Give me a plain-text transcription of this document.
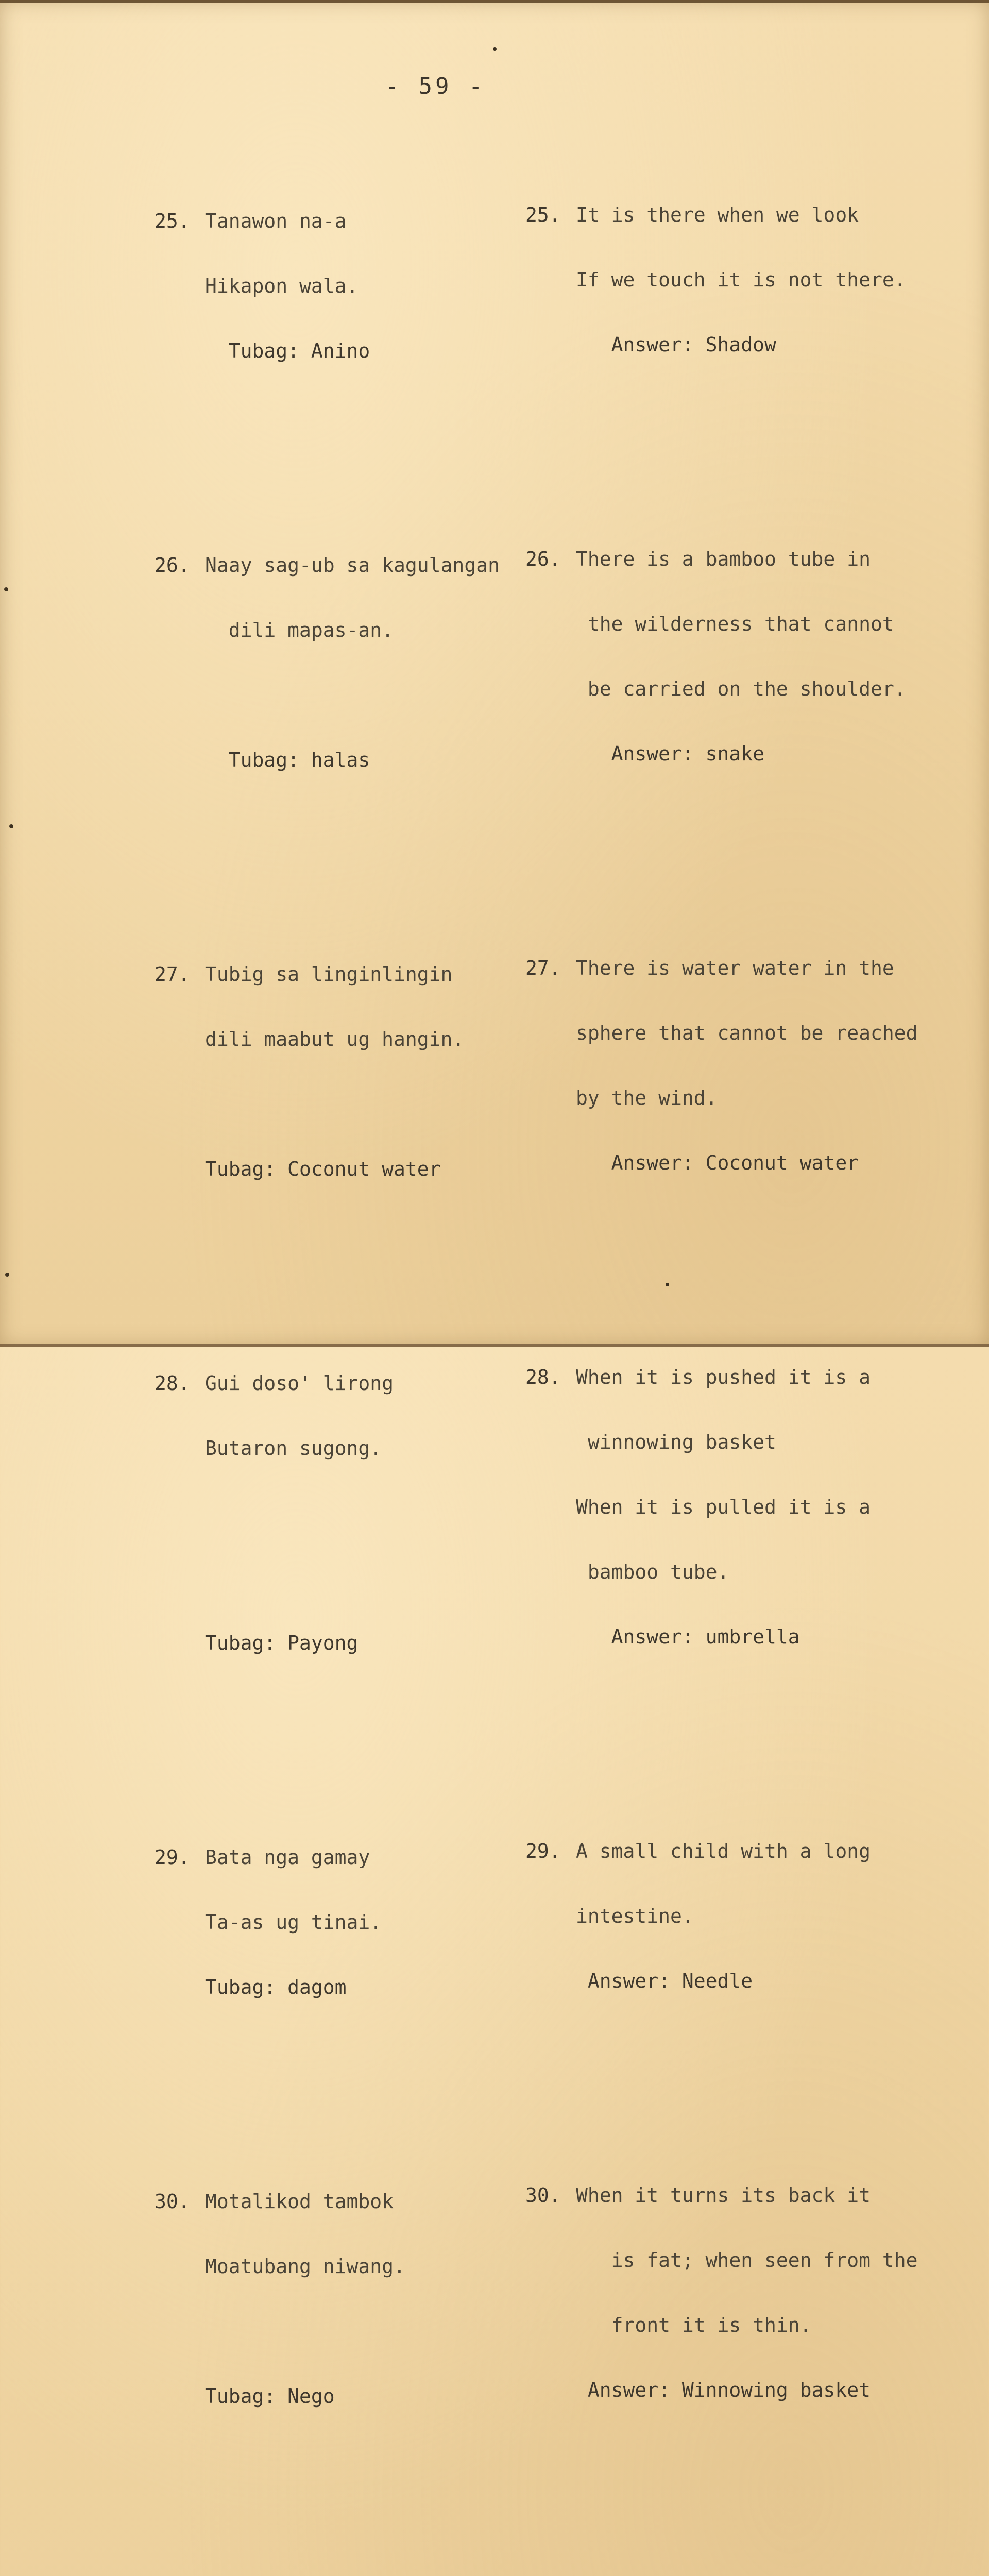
- 59 -

25. Tanawon na-a

Hikapon wala.

Tubag: Anino

26. Naay sag-ub sa kagulangan

dili mapas-an.

Tubag: halas

27. Tubig sa linginlingin

dili maabut ug hangin.

Tubag: Coconut water

28. Gui doso' lirong

Butaron sugong.

Tubag: Payong

29. Bata nga gamay

Ta-as ug tinai.

Tubag: dagom

30. Motalikod tambok

Moatubang niwang.

Tubag: Nego

25. It is there when we look

If we touch it is not there.

Answer: Shadow

26. There is a bamboo tube in

the wilderness that cannot

be carried on the shoulder.

Answer: snake

27. There is water water in the

sphere that cannot be reached

by the wind.

Answer: Coconut water

28. When it is pushed it is a

winnowing basket

When it is pulled it is a

bamboo tube.

Answer: umbrella

29. A small child with a long

intestine.

Answer: Needle

30. When it turns its back it

is fat; when seen from the

front it is thin.

Answer: Winnowing basket
